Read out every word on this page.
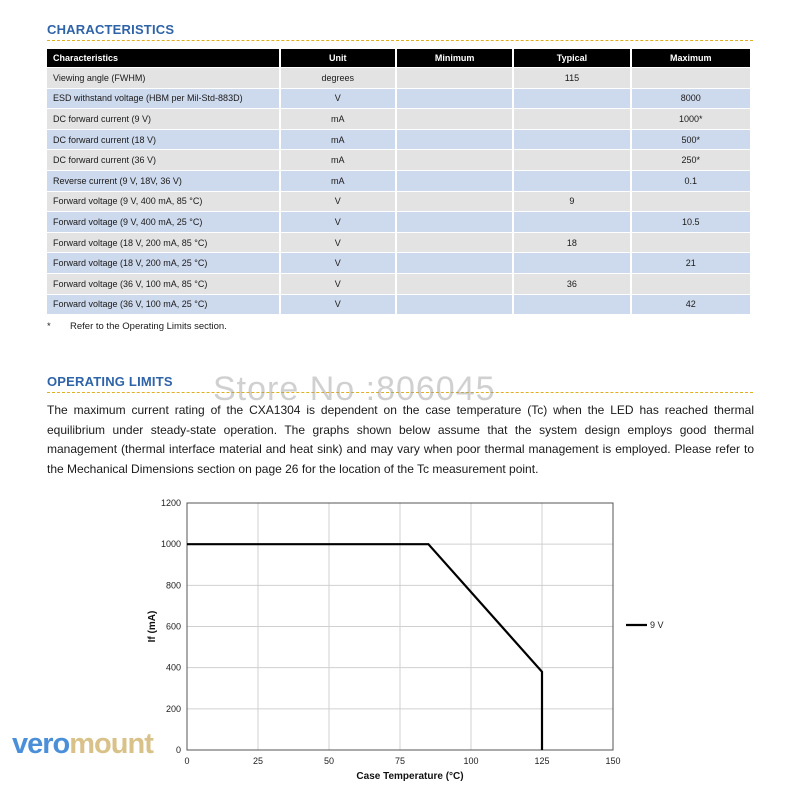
CHARACTERISTICS
Characteristics	Unit	Minimum	Typical	Maximum
Viewing angle (FWHM)	degrees		115	
ESD withstand voltage (HBM per Mil-Std-883D)	V			8000
DC forward current (9 V)	mA			1000*
DC forward current (18 V)	mA			500*
DC forward current (36 V)	mA			250*
Reverse current (9 V, 18V, 36 V)	mA			0.1
Forward voltage (9 V, 400 mA, 85 °C)	V		9	
Forward voltage (9 V, 400 mA, 25 °C)	V			10.5
Forward voltage (18 V, 200 mA, 85 °C)	V		18	
Forward voltage (18 V, 200 mA, 25 °C)	V			21
Forward voltage (36 V, 100 mA, 85 °C)	V		36	
Forward voltage (36 V, 100 mA, 25 °C)	V			42
* Refer to the Operating Limits section.
OPERATING LIMITS Store No :806045
The maximum current rating of the CXA1304 is dependent on the case temperature (Tc) when the LED has reached thermal equilibrium under steady-state operation. The graphs shown below assume that the system design employs good thermal management (thermal interface material and heat sink) and may vary when poor thermal management is employed. Please refer to the Mechanical Dimensions section on page 26 for the location of the Tc measurement point.
0	25	50	75	100	125	150
0
200
400
600
800
1000
1200
9 V
Case Temperature (°C)
If (mA)
veromount
